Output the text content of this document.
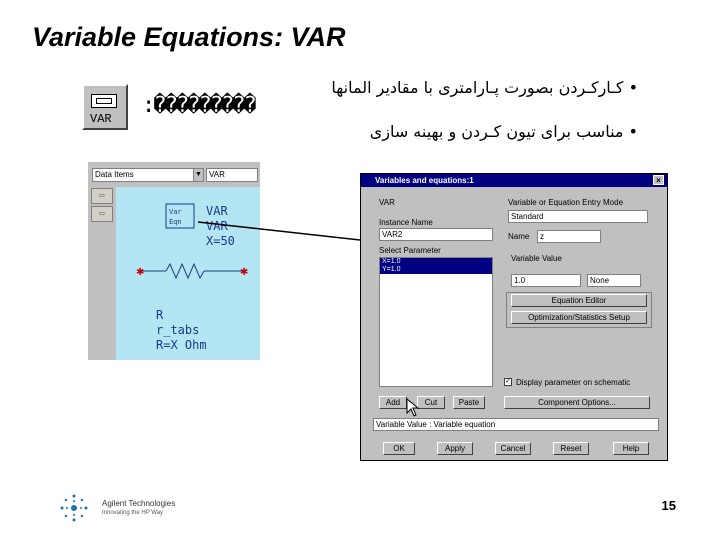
Variable Equations: VAR
VAR
:���������
• کـارکـردن بصورت پـارامتری با مقادیر المانها
• مناسب برای تیون کـردن و بهینه سازی
Data Items	▼ VAR
▭
▭	Var
Eqn
VAR
VAR
X=50
✱	✱
R
r_tabs
R=X Ohm
Variables and equations:1	×
VAR
Instance Name
VAR2
Select Parameter
X=1.0
Y=1.0
Variable or Equation Entry Mode
Standard
Name	z
Variable Value
1.0	None
Equation Editor
Optimization/Statistics Setup
✓ Display parameter on schematic
Add	Cut	Paste	Component Options...
Variable Value : Variable equation
OK	Apply	Cancel	Reset	Help
Agilent Technologies
Innovating the HP Way	15
